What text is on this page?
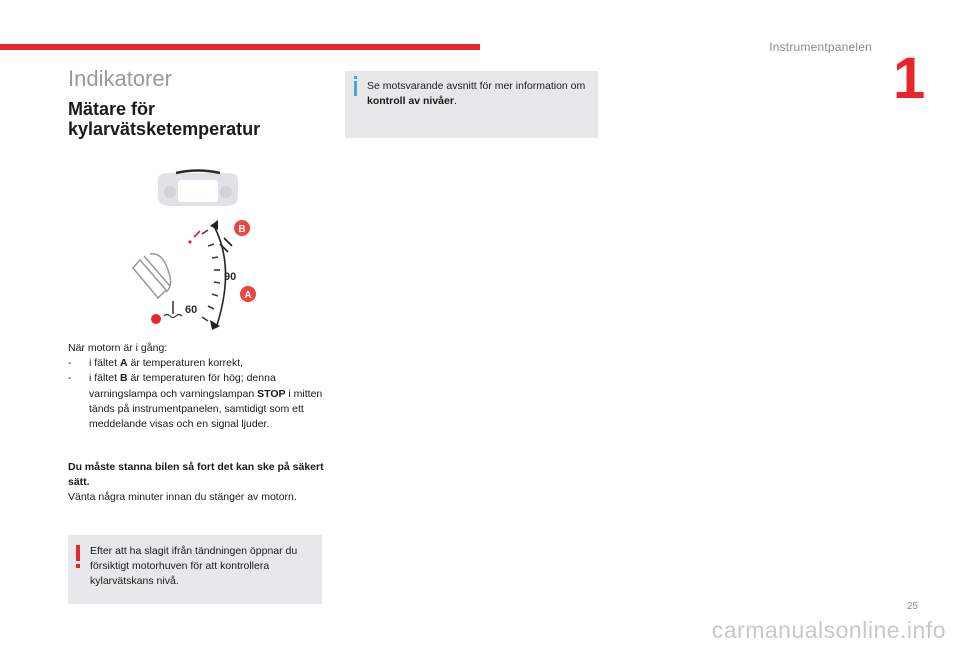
Instrumentpanelen 1
Indikatorer
Mätare för kylarvätsketemperatur
Se motsvarande avsnitt för mer information om kontroll av nivåer.
90
60
B
A

När motorn är i gång:

- i fältet A är temperaturen korrekt,
- i fältet B är temperaturen för hög; denna varningslampa och varningslampan STOP i mitten tänds på instrumentpanelen, samtidigt som ett meddelande visas och en signal ljuder.

Du måste stanna bilen så fort det kan ske på säkert sätt.

Vänta några minuter innan du stänger av motorn.

Efter att ha slagit ifrån tändningen öppnar du försiktigt motorhuven för att kontrollera kylarvätskans nivå.
25
carmanualsonline.info
